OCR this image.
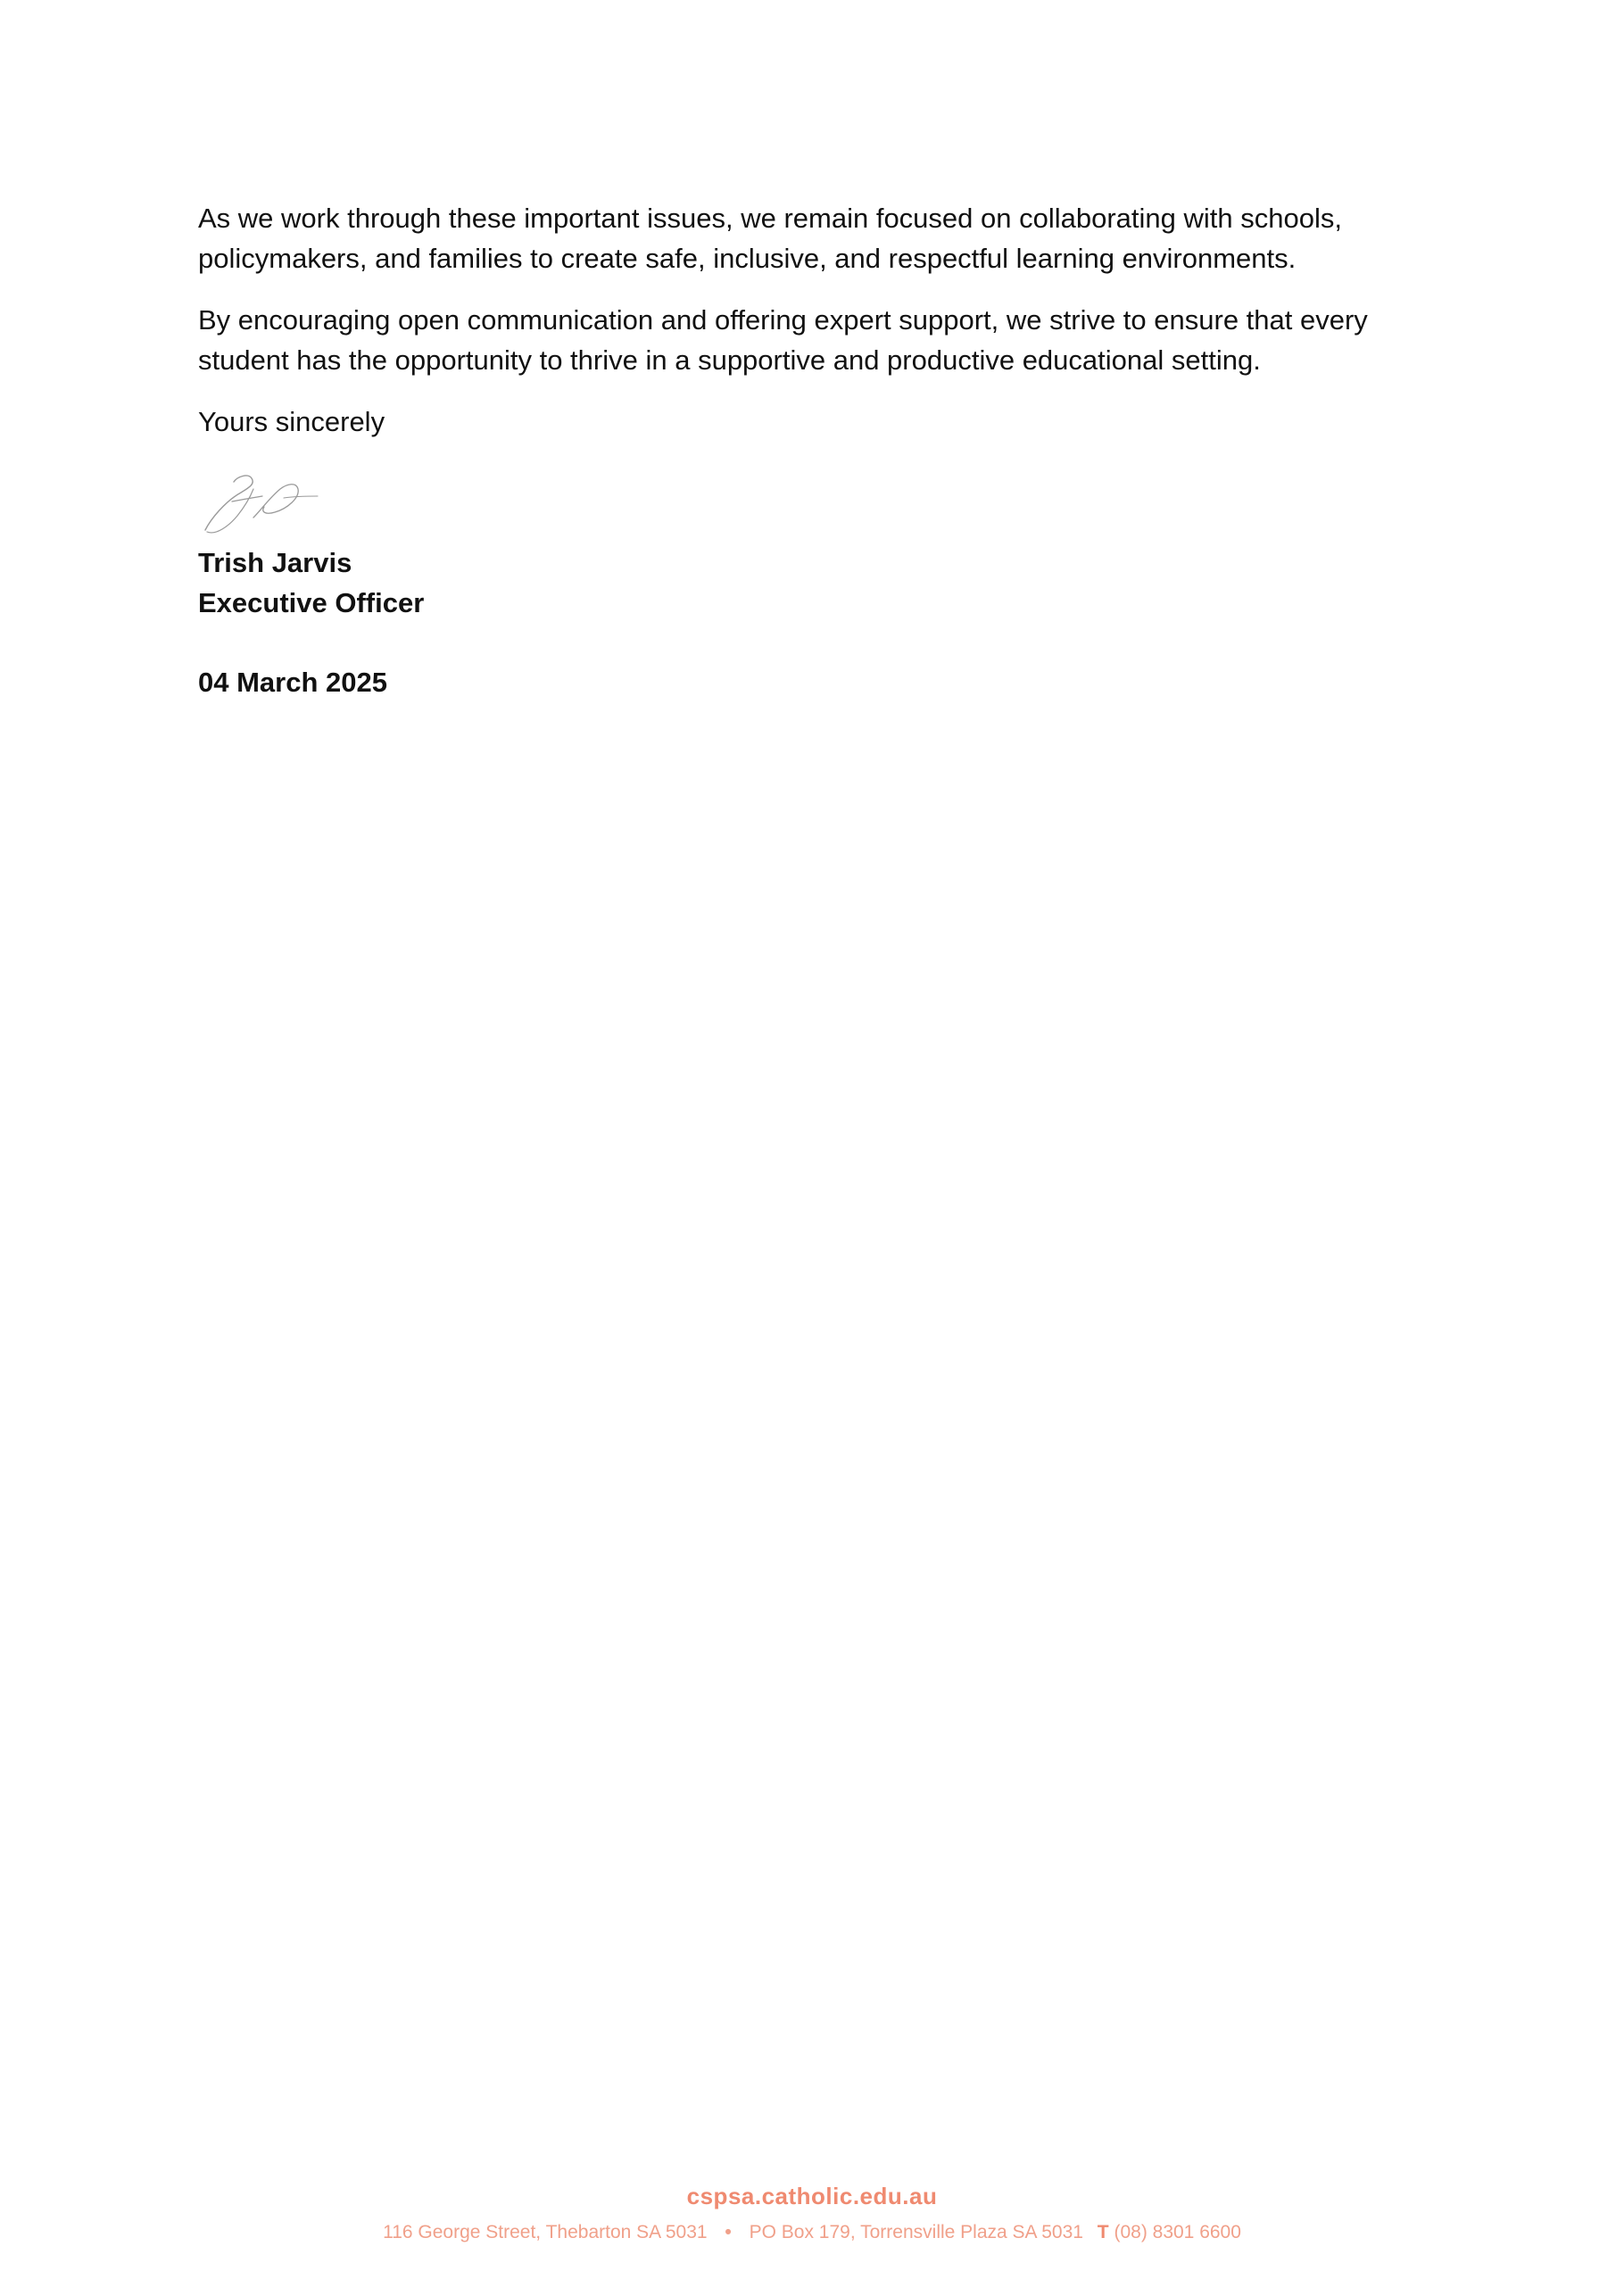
As we work through these important issues, we remain focused on collaborating with schools, policymakers, and families to create safe, inclusive, and respectful learning environments.

By encouraging open communication and offering expert support, we strive to ensure that every student has the opportunity to thrive in a supportive and productive educational setting.

Yours sincerely

Trish Jarvis

Executive Officer

04 March 2025

cspsa.catholic.edu.au
116 George Street, Thebarton SA 5031 • PO Box 179, Torrensville Plaza SA 5031 T (08) 8301 6600
